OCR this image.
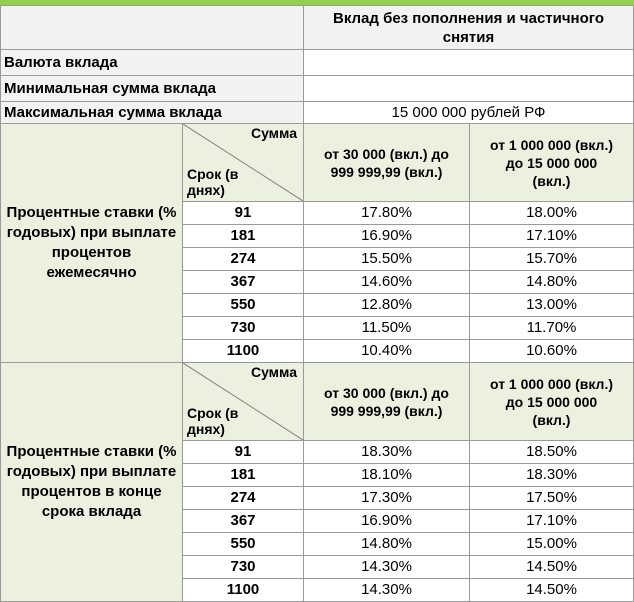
		Вклад без пополнения и частичного снятия	
Валюта вклада			
Минимальная сумма вклада			
Максимальная сумма вклада		15 000 000 рублей РФ	
Процентные ставки (% годовых) при выплате процентов ежемесячно	Сумма
Срок (в днях)	от 30 000 (вкл.) до 999 999,99 (вкл.)	от 1 000 000 (вкл.) до 15 000 000 (вкл.)
	91	17.80%	18.00%
	181	16.90%	17.10%
	274	15.50%	15.70%
	367	14.60%	14.80%
	550	12.80%	13.00%
	730	11.50%	11.70%
	1100	10.40%	10.60%
Процентные ставки (% годовых) при выплате процентов в конце срока вклада	Сумма
Срок (в днях)	от 30 000 (вкл.) до 999 999,99 (вкл.)	от 1 000 000 (вкл.) до 15 000 000 (вкл.)
	91	18.30%	18.50%
	181	18.10%	18.30%
	274	17.30%	17.50%
	367	16.90%	17.10%
	550	14.80%	15.00%
	730	14.30%	14.50%
	1100	14.30%	14.50%
